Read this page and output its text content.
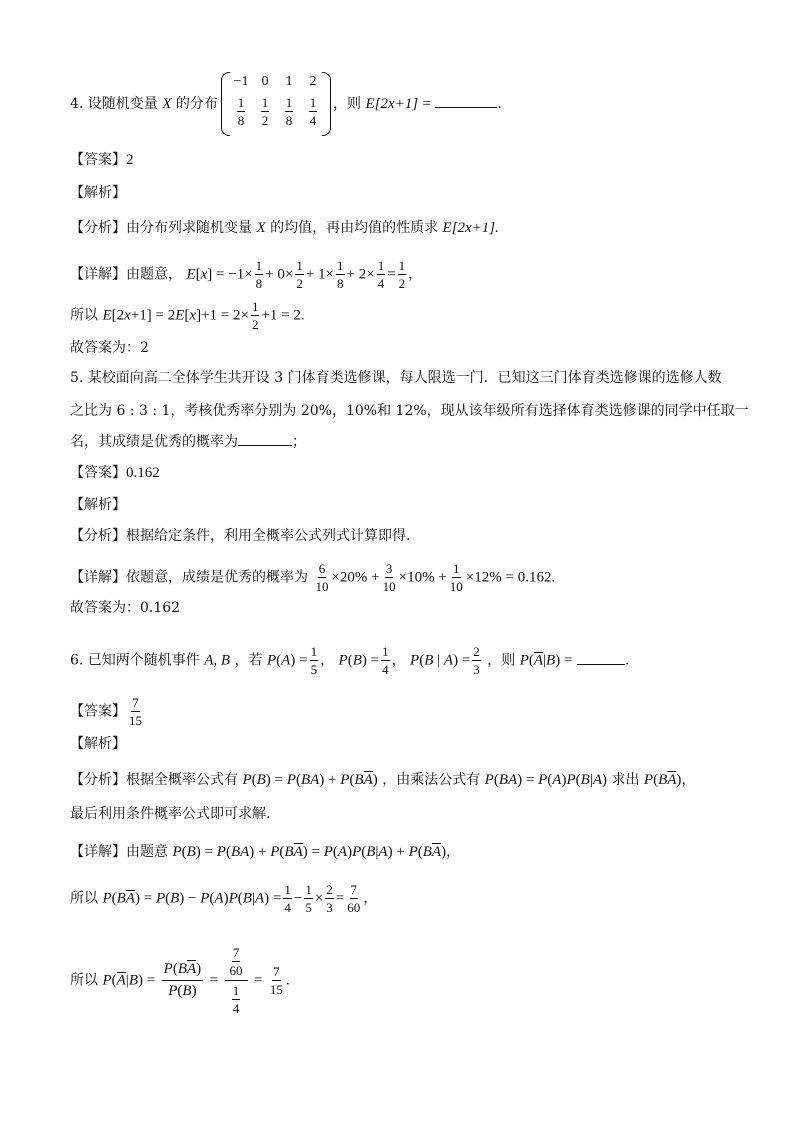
4. 设随机变量 X 的分布
−1 0	1	2
$\frac{1}{8} \frac{1}{2} \frac{1}{8} \frac{1}{4}$ ，则 E[2x+1] =	.
【答案】2
【解析】
【分析】由分布列求随机变量 X 的均值，再由均值的性质求 E[2x+1].
【详解】由题意， $E[x] = -1\times \frac{1}{8} + 0\times \frac{1}{2} + 1\times \frac{1}{8} + 2\times \frac{1}{4} = \frac{1}{2}$ ，
所以 $E[2x+1] = 2E[x]+1 = 2\times \frac{1}{2} +1 = 2$.
故答案为：2
5. 某校面向高二全体学生共开设 3 门体育类选修课，每人限选一门．已知这三门体育类选修课的选修人数
之比为 6 : 3 : 1，考核优秀率分别为 20%，10%和 12%，现从该年级所有选择体育类选修课的同学中任取一
名，其成绩是优秀的概率为	；
【答案】0.162
【解析】
【分析】根据给定条件，利用全概率公式列式计算即得.
【详解】依题意，成绩是优秀的概率为 $\frac{6}{10} \times 20\% + \frac{3}{10} \times 10\% + \frac{1}{10} \times 12\% = 0.162$.
故答案为：0.162
6. 已知两个随机事件 A, B ，若 $P(A) = \frac{1}{5}$ ， $P(B) = \frac{1}{4}$ ， P(B | $A) = \frac{2}{3}$ ，则 $P(\overline{A}|B)$ =	.
【答案】 $\frac{7}{15}$
【解析】
【分析】根据全概率公式有 $P(B) = P(BA) + P(B\overline{A})$ ，由乘法公式有 P(BA) = P(A)P(B|A) 求出 $P(B\overline{A})$，
最后利用条件概率公式即可求解.
【详解】由题意 $P(B) = P(BA) + P(B\overline{A}) = P(A)P(B|A) + P(B\overline{A})$，
所以 $P(B\overline{A}) = P(B) - P(A)P(B|A) = \frac{1}{4} - \frac{1}{5} \times \frac{2}{3} = \frac{7}{60}$ ，
所以 $P(\overline{A}|B) = \frac{P(B\overline{A})}{P(B)} = \frac{\frac{7}{60}}{\frac{1}{4}} = \frac{7}{15}$ .
